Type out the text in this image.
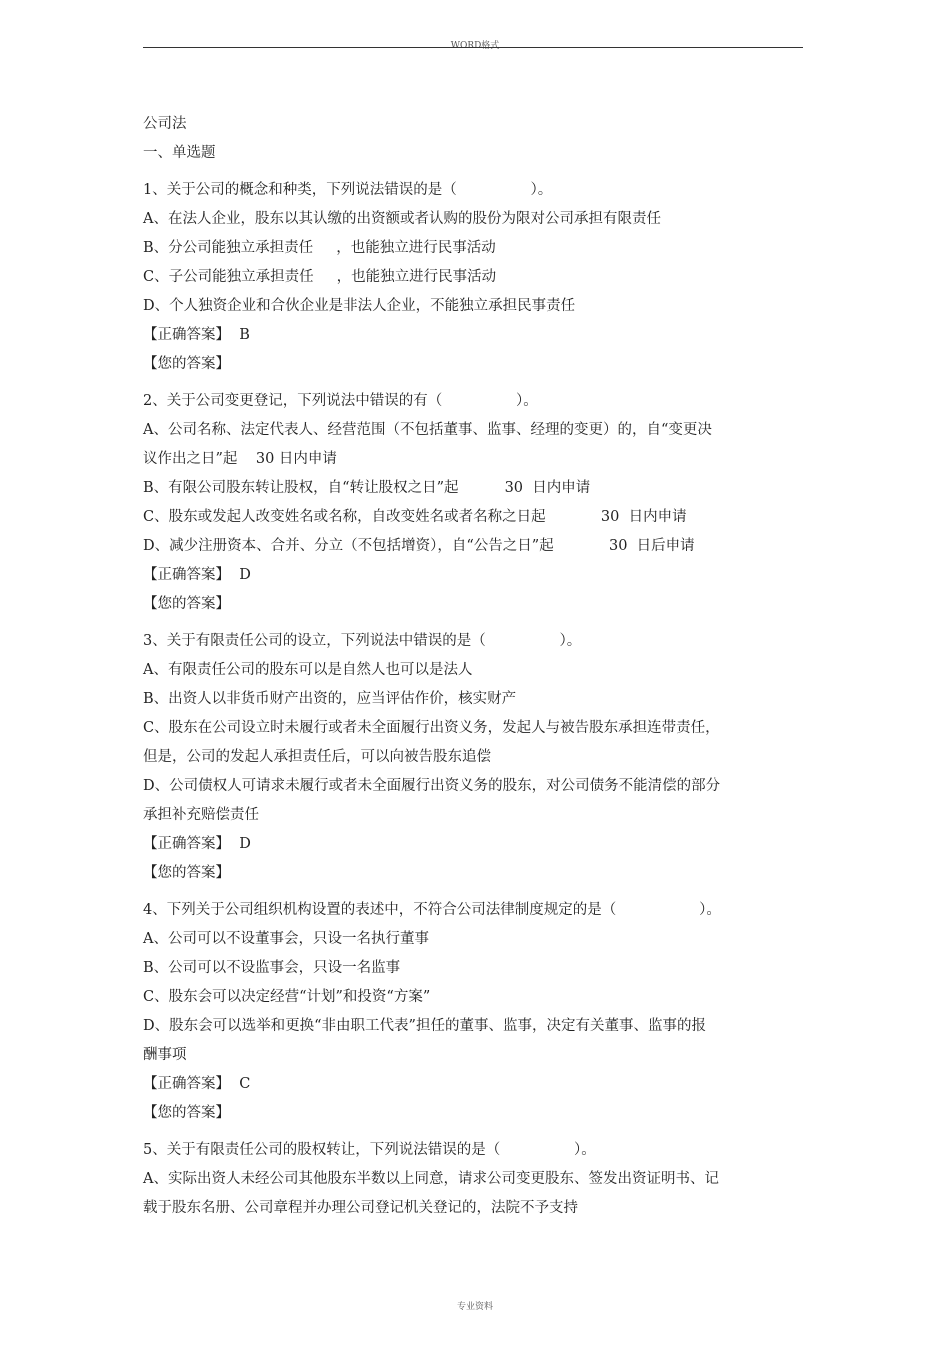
WORD格式
公司法
一、单选题
1、关于公司的概念和种类，下列说法错误的是（                ）。
A、在法人企业，股东以其认缴的出资额或者认购的股份为限对公司承担有限责任
B、分公司能独立承担责任     ，也能独立进行民事活动
C、子公司能独立承担责任     ，也能独立进行民事活动
D、个人独资企业和合伙企业是非法人企业，不能独立承担民事责任
【正确答案】  B
【您的答案】
2、关于公司变更登记，下列说法中错误的有（                ）。
A、公司名称、法定代表人、经营范围（不包括董事、监事、经理的变更）的，自“变更决
议作出之日”起    30 日内申请
B、有限公司股东转让股权，自“转让股权之日”起          30  日内申请
C、股东或发起人改变姓名或名称，自改变姓名或者名称之日起            30  日内申请
D、减少注册资本、合并、分立（不包括增资），自“公告之日”起            30  日后申请
【正确答案】  D
【您的答案】
3、关于有限责任公司的设立，下列说法中错误的是（                ）。
A、有限责任公司的股东可以是自然人也可以是法人
B、出资人以非货币财产出资的，应当评估作价，核实财产
C、股东在公司设立时未履行或者未全面履行出资义务，发起人与被告股东承担连带责任，
但是，公司的发起人承担责任后，可以向被告股东追偿
D、公司债权人可请求未履行或者未全面履行出资义务的股东，对公司债务不能清偿的部分
承担补充赔偿责任
【正确答案】  D
【您的答案】
4、下列关于公司组织机构设置的表述中，不符合公司法律制度规定的是（                  ）。
A、公司可以不设董事会，只设一名执行董事
B、公司可以不设监事会，只设一名监事
C、股东会可以决定经营“计划”和投资“方案”
D、股东会可以选举和更换“非由职工代表”担任的董事、监事，决定有关董事、监事的报
酬事项
【正确答案】  C
【您的答案】
5、关于有限责任公司的股权转让，下列说法错误的是（                ）。
A、实际出资人未经公司其他股东半数以上同意，请求公司变更股东、签发出资证明书、记
载于股东名册、公司章程并办理公司登记机关登记的，法院不予支持
专业资料
